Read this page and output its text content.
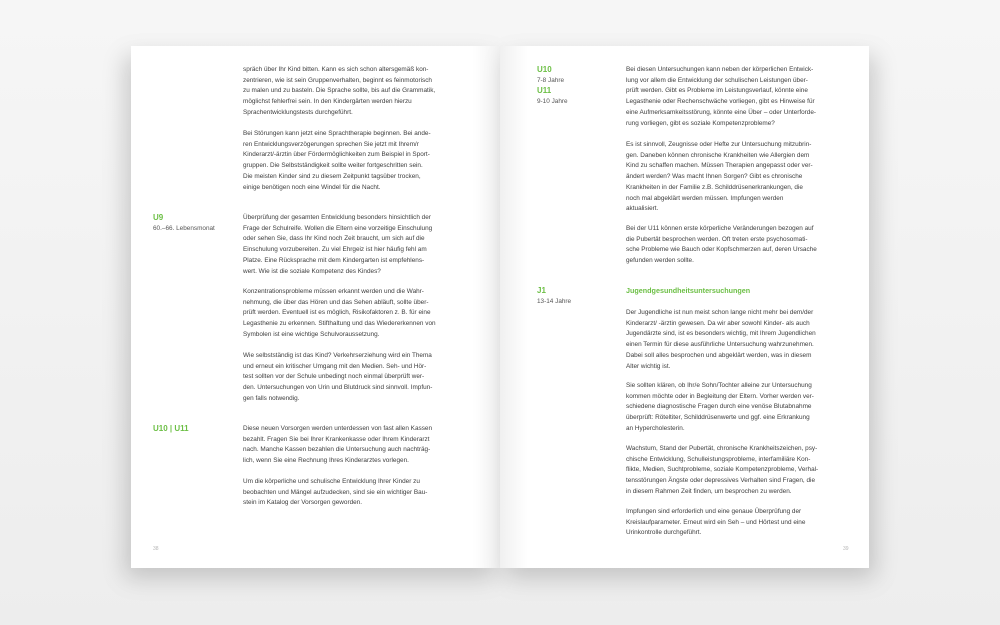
U9
60.–66. Lebensmonat
U10 | U11
spräch über Ihr Kind bitten. Kann es sich schon altersgemäß kon-
zentrieren, wie ist sein Gruppenverhalten, beginnt es feinmotorisch
zu malen und zu basteln. Die Sprache sollte, bis auf die Grammatik,
möglichst fehlerfrei sein. In den Kindergärten werden hierzu
Sprachentwicklungstests durchgeführt.
Bei Störungen kann jetzt eine Sprachtherapie beginnen. Bei ande-
ren Entwicklungsverzögerungen sprechen Sie jetzt mit Ihrem/r
Kinderarzt/-ärztin über Fördermöglichkeiten zum Beispiel in Sport-
gruppen. Die Selbstständigkeit sollte weiter fortgeschritten sein.
Die meisten Kinder sind zu diesem Zeitpunkt tagsüber trocken,
einige benötigen noch eine Windel für die Nacht.
Überprüfung der gesamten Entwicklung besonders hinsichtlich der
Frage der Schulreife. Wollen die Eltern eine vorzeitige Einschulung
oder sehen Sie, dass Ihr Kind noch Zeit braucht, um sich auf die
Einschulung vorzubereiten. Zu viel Ehrgeiz ist hier häufig fehl am
Platze. Eine Rücksprache mit dem Kindergarten ist empfehlens-
wert. Wie ist die soziale Kompetenz des Kindes?
Konzentrationsprobleme müssen erkannt werden und die Wahr-
nehmung, die über das Hören und das Sehen abläuft, sollte über-
prüft werden. Eventuell ist es möglich, Risikofaktoren z. B. für eine
Legasthenie zu erkennen. Stifthaltung und das Wiedererkennen von
Symbolen ist eine wichtige Schulvoraussetzung.
Wie selbstständig ist das Kind? Verkehrserziehung wird ein Thema
und erneut ein kritischer Umgang mit den Medien. Seh- und Hör-
test sollten vor der Schule unbedingt noch einmal überprüft wer-
den. Untersuchungen von Urin und Blutdruck sind sinnvoll. Impfun-
gen falls notwendig.
Diese neuen Vorsorgen werden unterdessen von fast allen Kassen
bezahlt. Fragen Sie bei Ihrer Krankenkasse oder Ihrem Kinderarzt
nach. Manche Kassen bezahlen die Untersuchung auch nachträg-
lich, wenn Sie eine Rechnung Ihres Kinderarztes vorlegen.
Um die körperliche und schulische Entwicklung Ihrer Kinder zu
beobachten und Mängel aufzudecken, sind sie ein wichtiger Bau-
stein im Katalog der Vorsorgen geworden.
38
U10
7-8 Jahre
U11
9-10 Jahre
J1
13-14 Jahre
Bei diesen Untersuchungen kann neben der körperlichen Entwick-
lung vor allem die Entwicklung der schulischen Leistungen über-
prüft werden. Gibt es Probleme im Leistungsverlauf, könnte eine
Legasthenie oder Rechenschwäche vorliegen, gibt es Hinweise für
eine Aufmerksamkeitsstörung, könnte eine Über – oder Unterforde-
rung vorliegen, gibt es soziale Kompetenzprobleme?
Es ist sinnvoll, Zeugnisse oder Hefte zur Untersuchung mitzubrin-
gen. Daneben können chronische Krankheiten wie Allergien dem
Kind zu schaffen machen. Müssen Therapien angepasst oder ver-
ändert werden? Was macht Ihnen Sorgen? Gibt es chronische
Krankheiten in der Familie z.B. Schilddrüsenerkrankungen, die
noch mal abgeklärt werden müssen. Impfungen werden
aktualisiert.
Bei der U11 können erste körperliche Veränderungen bezogen auf
die Pubertät besprochen werden. Oft treten erste psychosomati-
sche Probleme wie Bauch oder Kopfschmerzen auf, deren Ursache
gefunden werden sollte.
Jugendgesundheitsuntersuchungen
Der Jugendliche ist nun meist schon lange nicht mehr bei dem/der
Kinderarzt/ -ärztin gewesen. Da wir aber sowohl Kinder- als auch
Jugendärzte sind, ist es besonders wichtig, mit Ihrem Jugendlichen
einen Termin für diese ausführliche Untersuchung wahrzunehmen.
Dabei soll alles besprochen und abgeklärt werden, was in diesem
Alter wichtig ist.
Sie sollten klären, ob Ihr/e Sohn/Tochter alleine zur Untersuchung
kommen möchte oder in Begleitung der Eltern. Vorher werden ver-
schiedene diagnostische Fragen durch eine venöse Blutabnahme
überprüft: Röteltiter, Schilddrüsenwerte und ggf. eine Erkrankung
an Hypercholesterin.
Wachstum, Stand der Pubertät, chronische Krankheitszeichen, psy-
chische Entwicklung, Schulleistungsprobleme, interfamiliäre Kon-
flikte, Medien, Suchtprobleme, soziale Kompetenzprobleme, Verhal-
tensstörungen Ängste oder depressives Verhalten sind Fragen, die
in diesem Rahmen Zeit finden, um besprochen zu werden.
Impfungen sind erforderlich und eine genaue Überprüfung der
Kreislaufparameter. Erneut wird ein Seh – und Hörtest und eine
Urinkontrolle durchgeführt.
39
